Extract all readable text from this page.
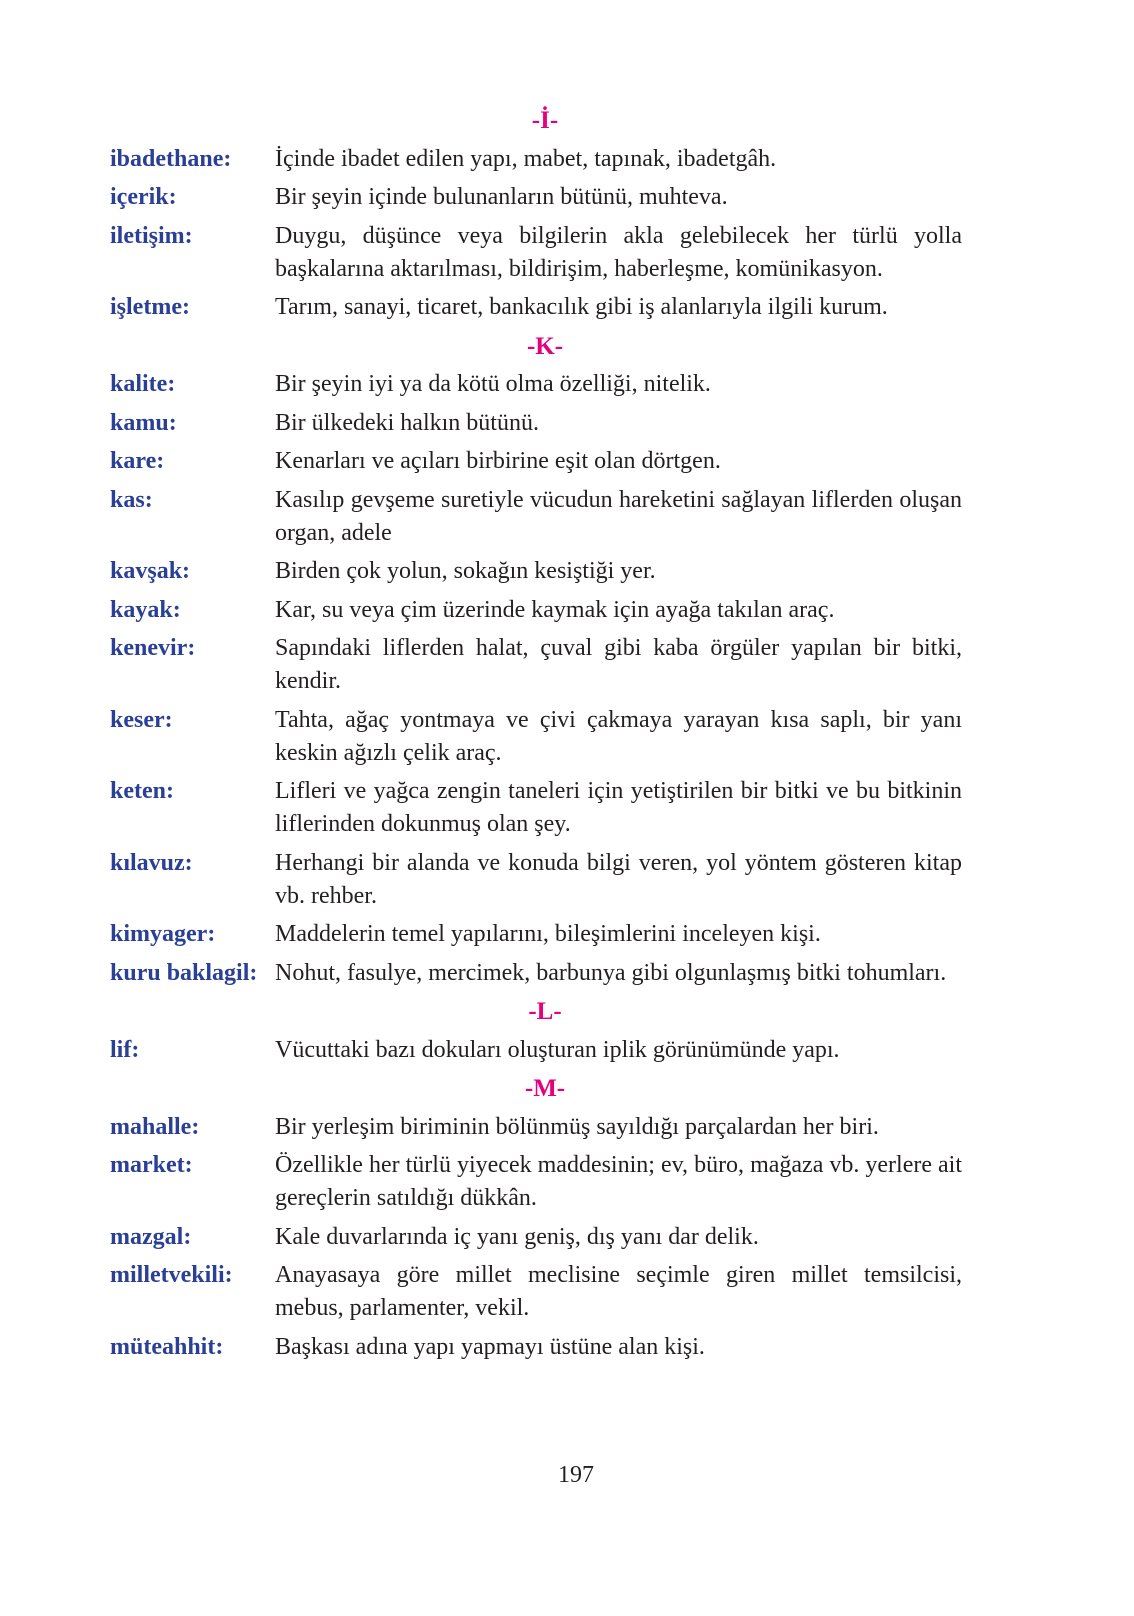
-İ-
ibadethane:	İçinde ibadet edilen yapı, mabet, tapınak, ibadetgâh.
içerik:	Bir şeyin içinde bulunanların bütünü, muhteva.
iletişim:	Duygu, düşünce veya bilgilerin akla gelebilecek her türlü yolla başkalarına aktarılması, bildirişim, haberleşme, komünikasyon.
işletme:	Tarım, sanayi, ticaret, bankacılık gibi iş alanlarıyla ilgili kurum.
-K-
kalite:	Bir şeyin iyi ya da kötü olma özelliği, nitelik.
kamu:	Bir ülkedeki halkın bütünü.
kare:	Kenarları ve açıları birbirine eşit olan dörtgen.
kas:	Kasılıp gevşeme suretiyle vücudun hareketini sağlayan liflerden oluşan organ, adele
kavşak:	Birden çok yolun, sokağın kesiştiği yer.
kayak:	Kar, su veya çim üzerinde kaymak için ayağa takılan araç.
kenevir:	Sapındaki liflerden halat, çuval gibi kaba örgüler yapılan bir bitki, kendir.
keser:	Tahta, ağaç yontmaya ve çivi çakmaya yarayan kısa saplı, bir yanı keskin ağızlı çelik araç.
keten:	Lifleri ve yağca zengin taneleri için yetiştirilen bir bitki ve bu bitkinin liflerinden dokunmuş olan şey.
kılavuz:	Herhangi bir alanda ve konuda bilgi veren, yol yöntem gösteren kitap vb. rehber.
kimyager:	Maddelerin temel yapılarını, bileşimlerini inceleyen kişi.
kuru baklagil: Nohut, fasulye, mercimek, barbunya gibi olgunlaşmış bitki tohumları.
-L-
lif:	Vücuttaki bazı dokuları oluşturan iplik görünümünde yapı.
-M-
mahalle:	Bir yerleşim biriminin bölünmüş sayıldığı parçalardan her biri.
market:	Özellikle her türlü yiyecek maddesinin; ev, büro, mağaza vb. yerlere ait gereçlerin satıldığı dükkân.
mazgal:	Kale duvarlarında iç yanı geniş, dış yanı dar delik.
milletvekili:	Anayasaya göre millet meclisine seçimle giren millet temsilcisi, mebus, parlamenter, vekil.
müteahhit:	Başkası adına yapı yapmayı üstüne alan kişi.
197
